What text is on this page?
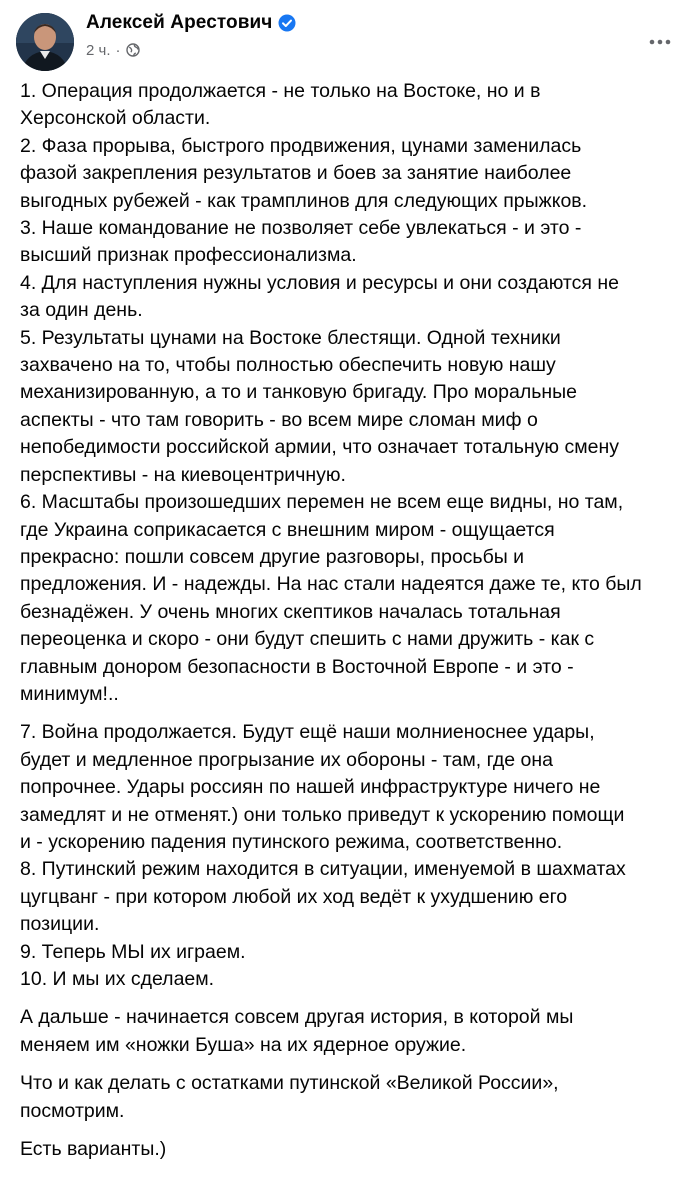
Алексей Арестович
2 ч. ·

1. Операция продолжается - не только на Востоке, но и в

Херсонской области.

2. Фаза прорыва, быстрого продвижения, цунами заменилась

фазой закрепления результатов и боев за занятие наиболее

выгодных рубежей - как трамплинов для следующих прыжков.

3. Наше командование не позволяет себе увлекаться - и это -

высший признак профессионализма.

4. Для наступления нужны условия и ресурсы и они создаются не

за один день.

5. Результаты цунами на Востоке блестящи. Одной техники

захвачено на то, чтобы полностью обеспечить новую нашу

механизированную, а то и танковую бригаду. Про моральные

аспекты - что там говорить - во всем мире сломан миф о

непобедимости российской армии, что означает тотальную смену

перспективы - на киевоцентричную.

6. Масштабы произошедших перемен не всем еще видны, но там,

где Украина соприкасается с внешним миром - ощущается

прекрасно: пошли совсем другие разговоры, просьбы и

предложения. И - надежды. На нас стали надеятся даже те, кто был

безнадёжен. У очень многих скептиков началась тотальная

переоценка и скоро - они будут спешить с нами дружить - как с

главным донором безопасности в Восточной Европе - и это -

минимум!..

7. Война продолжается. Будут ещё наши молниеноснее удары,

будет и медленное прогрызание их обороны - там, где она

попрочнее. Удары россиян по нашей инфраструктуре ничего не

замедлят и не отменят.) они только приведут к ускорению помощи

и - ускорению падения путинского режима, соответственно.

8. Путинский режим находится в ситуации, именуемой в шахматах

цугцванг - при котором любой их ход ведёт к ухудшению его

позиции.

9. Теперь МЫ их играем.

10. И мы их сделаем.

А дальше - начинается совсем другая история, в которой мы

меняем им «ножки Буша» на их ядерное оружие.

Что и как делать с остатками путинской «Великой России»,

посмотрим.

Есть варианты.)
